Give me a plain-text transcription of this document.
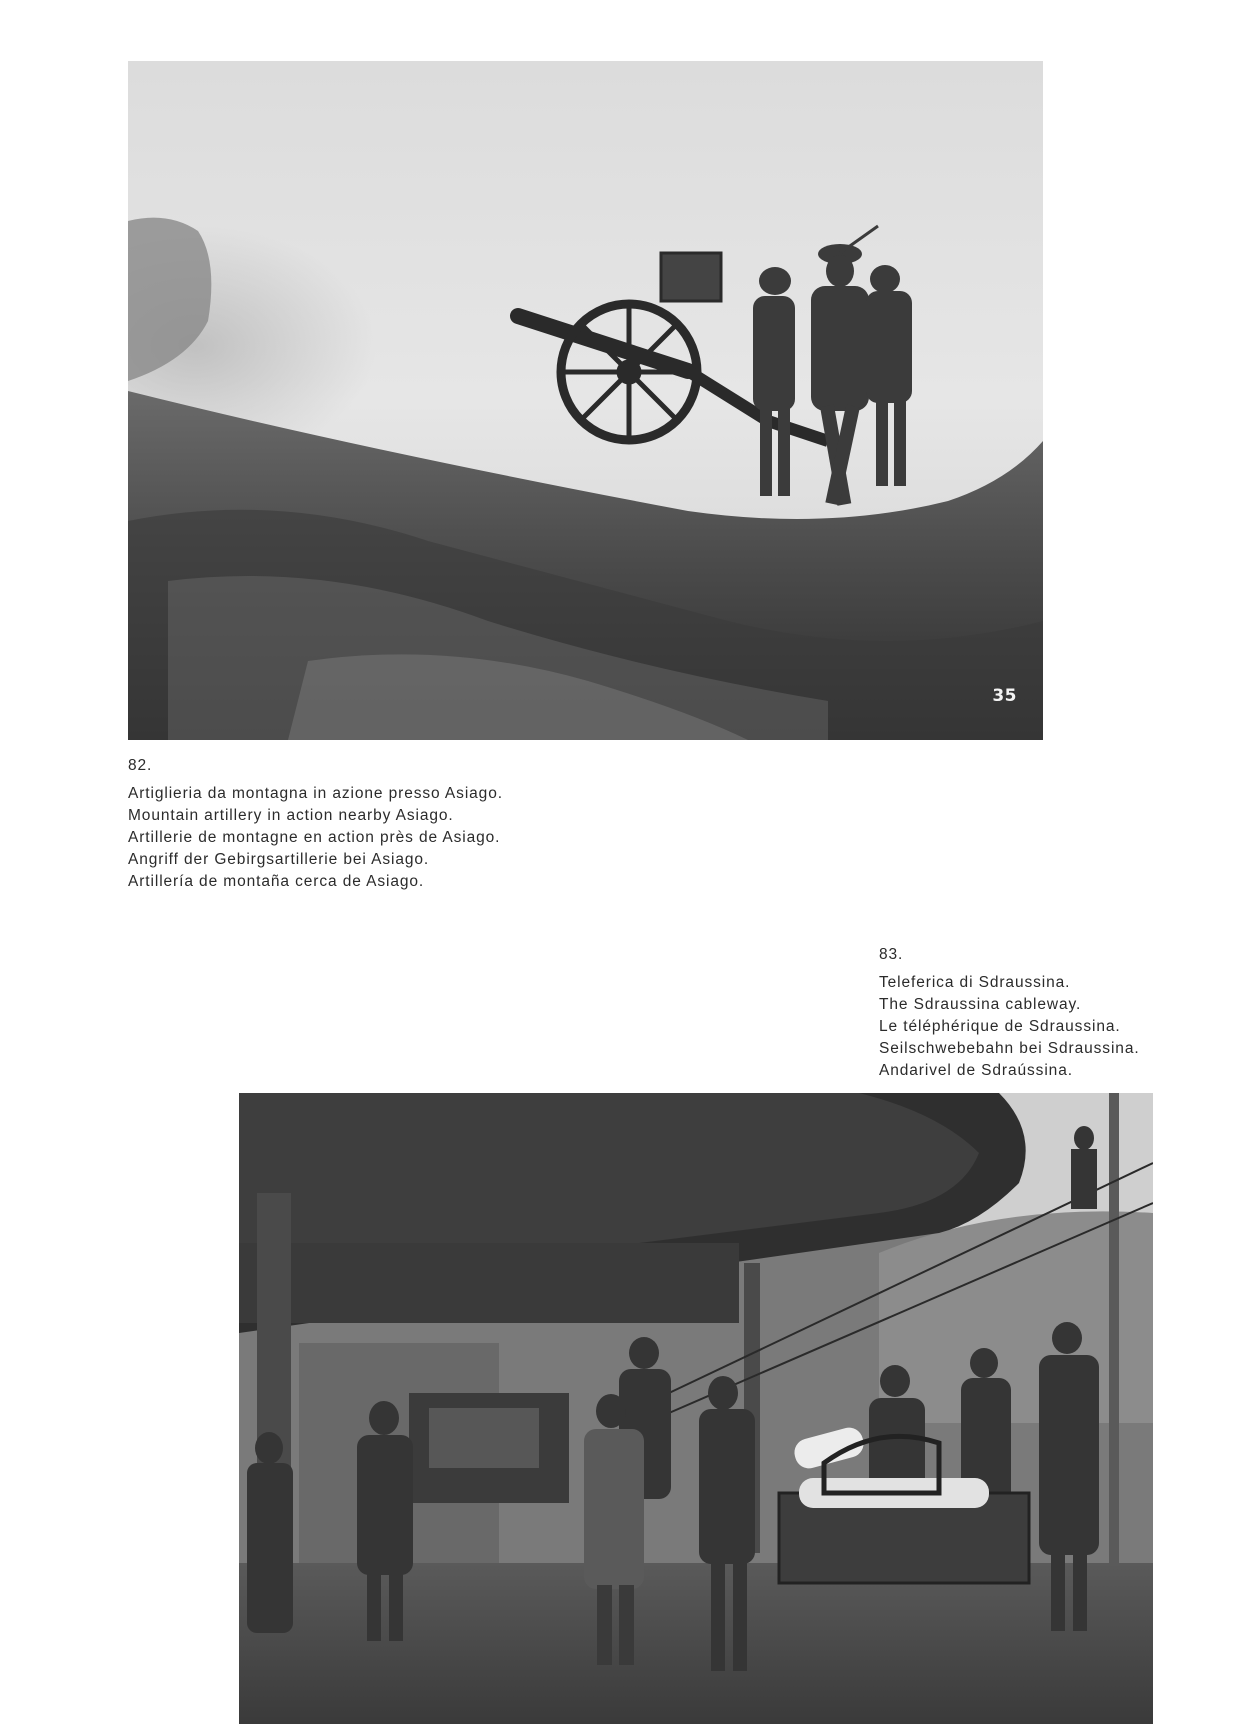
35
82.
Artiglieria da montagna in azione presso Asiago.
Mountain artillery in action nearby Asiago.
Artillerie de montagne en action près de Asiago.
Angriff der Gebirgsartillerie bei Asiago.
Artillería de montaña cerca de Asiago.
83.
Teleferica di Sdraussina.
The Sdraussina cableway.
Le téléphérique de Sdraussina.
Seilschwebebahn bei Sdraussina.
Andarivel de Sdraússina.
